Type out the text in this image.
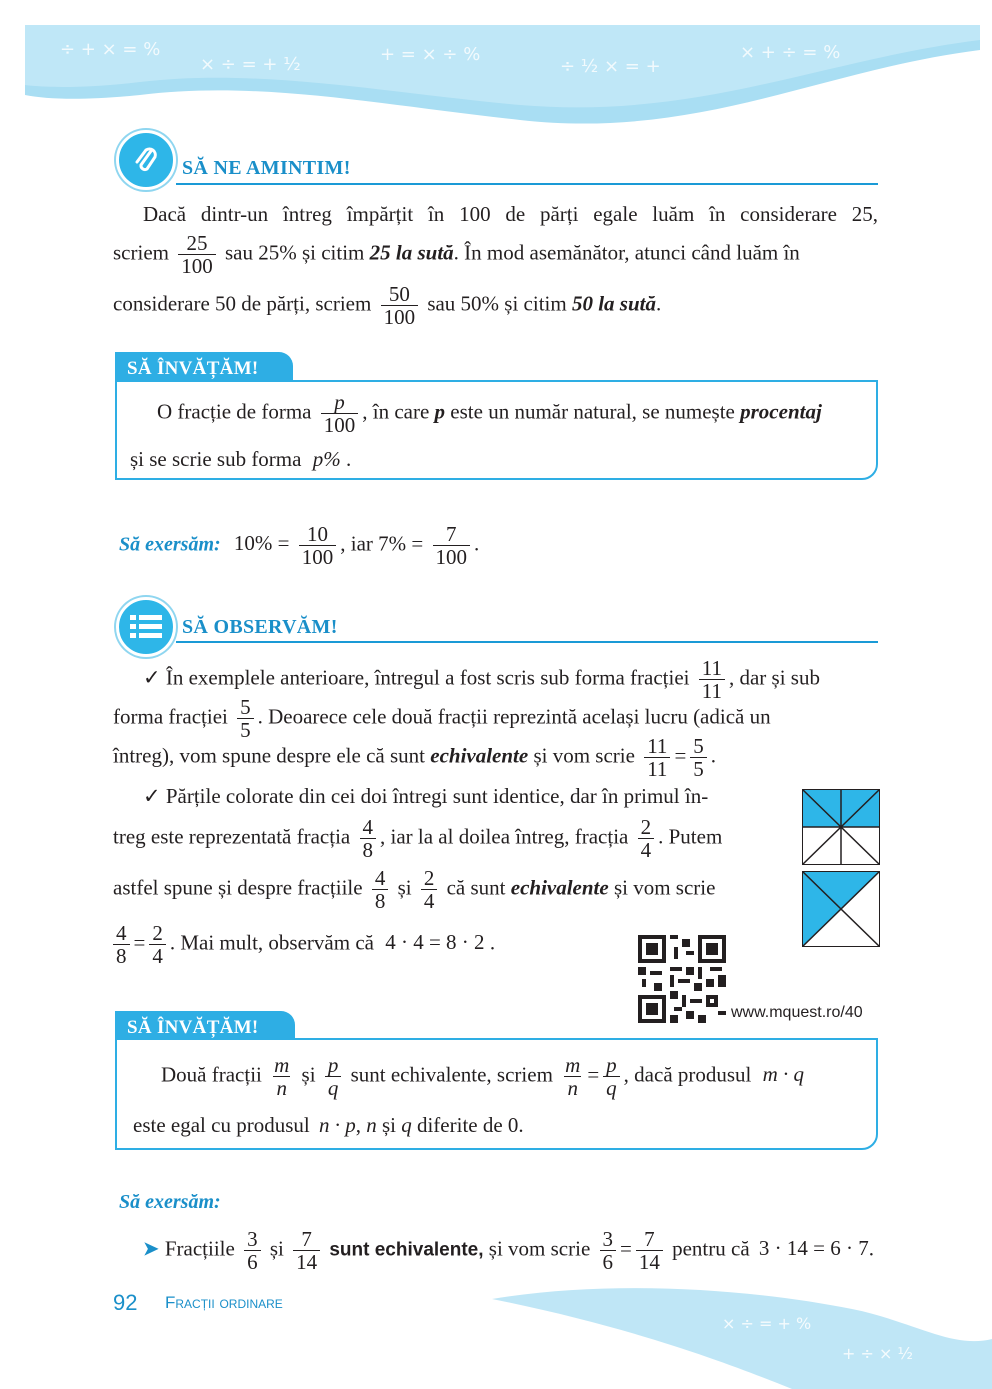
÷ + × = %
× ÷ = + ½	+ = × ÷ %
÷ ½ × = +
× + ÷ = %
SĂ NE AMINTIM!
Dacă dintr-un întreg împărțit în 100 de părți egale luăm în considerare 25,
scriem $\frac{25}{100}$ sau 25% și citim 25 la sută. În mod asemănător, atunci când luăm în
considerare 50 de părți, scriem $\frac{50}{100}$ sau 50% și citim 50 la sută.
SĂ ÎNVĂȚĂM!
O fracție de forma $\frac{p}{100}$ , în care p este un număr natural, se numește procentaj
și se scrie sub forma p% .
Să exersăm: $10\% = \frac{10}{100}$ , iar $7\% = \frac{7}{100}$ .
SĂ OBSERVĂM!
✓ În exemplele anterioare, întregul a fost scris sub forma fracției $\frac{11}{11}$ , dar și sub
forma fracției $\frac{5}{5}$ . Deoarece cele două fracții reprezintă același lucru (adică un
întreg), vom spune despre ele că sunt echivalente și vom scrie $\frac{11}{11} = \frac{5}{5}$ .
✓ Părțile colorate din cei doi întregi sunt identice, dar în primul în-
treg este reprezentată fracția $\frac{4}{8}$ , iar la al doilea întreg, fracția $\frac{2}{4}$ . Putem
astfel spune și despre fracțiile $\frac{4}{8}$ și $\frac{2}{4}$ că sunt echivalente și vom scrie
$\frac{4}{8} = \frac{2}{4}$ . Mai mult, observăm că 4 · 4 = 8 · 2 .
www.mquest.ro/40
SĂ ÎNVĂȚĂM!
Două fracții $\frac{m}{n}$ și $\frac{p}{q}$ sunt echivalente, scriem $\frac{m}{n} = \frac{p}{q}$ , dacă produsul m · q
este egal cu produsul n · p, n și q diferite de 0.
Să exersăm:
➤ Fracțiile $\frac{3}{6}$ și $\frac{7}{14}$ sunt echivalente, și vom scrie $\frac{3}{6} = \frac{7}{14}$ pentru că 3 · 14 = 6 · 7.
92 Fracții ordinare
× ÷ = + %
+ ÷ × ½
